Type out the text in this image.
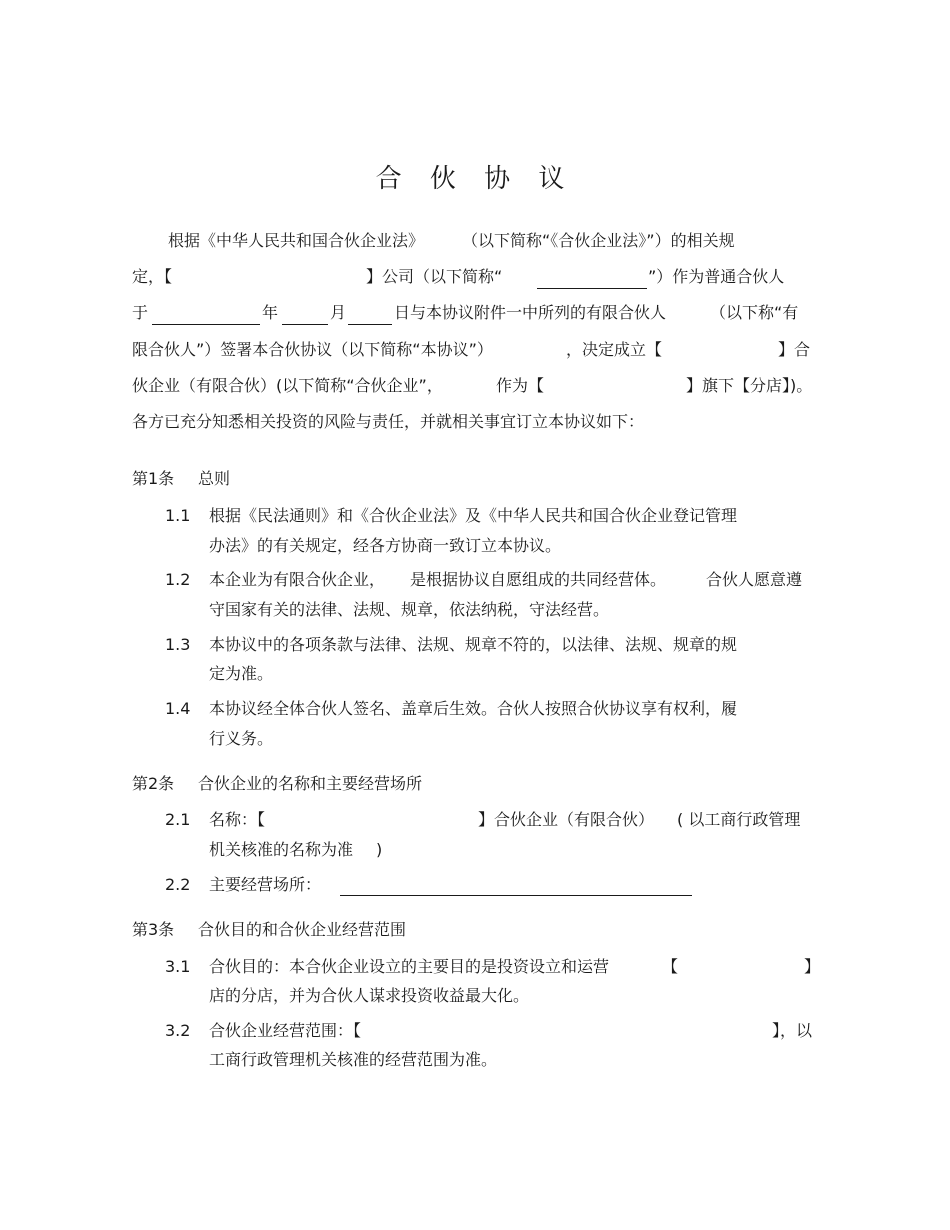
合 伙 协 议
根据《中华人民共和国合伙企业法》 （以下简称“《合伙企业法》”）的相关规
定，【	】公司（以下简称“	”）作为普通合伙人
于	年	月	日与本协议附件一中所列的有限合伙人	（以下称“有
限合伙人”）签署本合伙协议（以下简称“本协议”）	，决定成立【	】合
伙企业（有限合伙）(以下简称“合伙企业”，	作为【	】旗下【分店】)。
各方已充分知悉相关投资的风险与责任，并就相关事宜订立本协议如下：
第1条 总则
1.1 根据《民法通则》和《合伙企业法》及《中华人民共和国合伙企业登记管理
办法》的有关规定，经各方协商一致订立本协议。
1.2 本企业为有限合伙企业， 是根据协议自愿组成的共同经营体。 合伙人愿意遵
守国家有关的法律、法规、规章，依法纳税，守法经营。
1.3 本协议中的各项条款与法律、法规、规章不符的，以法律、法规、规章的规
定为准。
1.4 本协议经全体合伙人签名、盖章后生效。合伙人按照合伙协议享有权利，履
行义务。
第2条 合伙企业的名称和主要经营场所
2.1 名称：【	】合伙企业（有限合伙） ( 以工商行政管理
机关核准的名称为准 )
2.2 主要经营场所：
第3条 合伙目的和合伙企业经营范围
3.1 合伙目的：本合伙企业设立的主要目的是投资设立和运营	【	】
店的分店，并为合伙人谋求投资收益最大化。
3.2 合伙企业经营范围：【	】，以
工商行政管理机关核准的经营范围为准。
